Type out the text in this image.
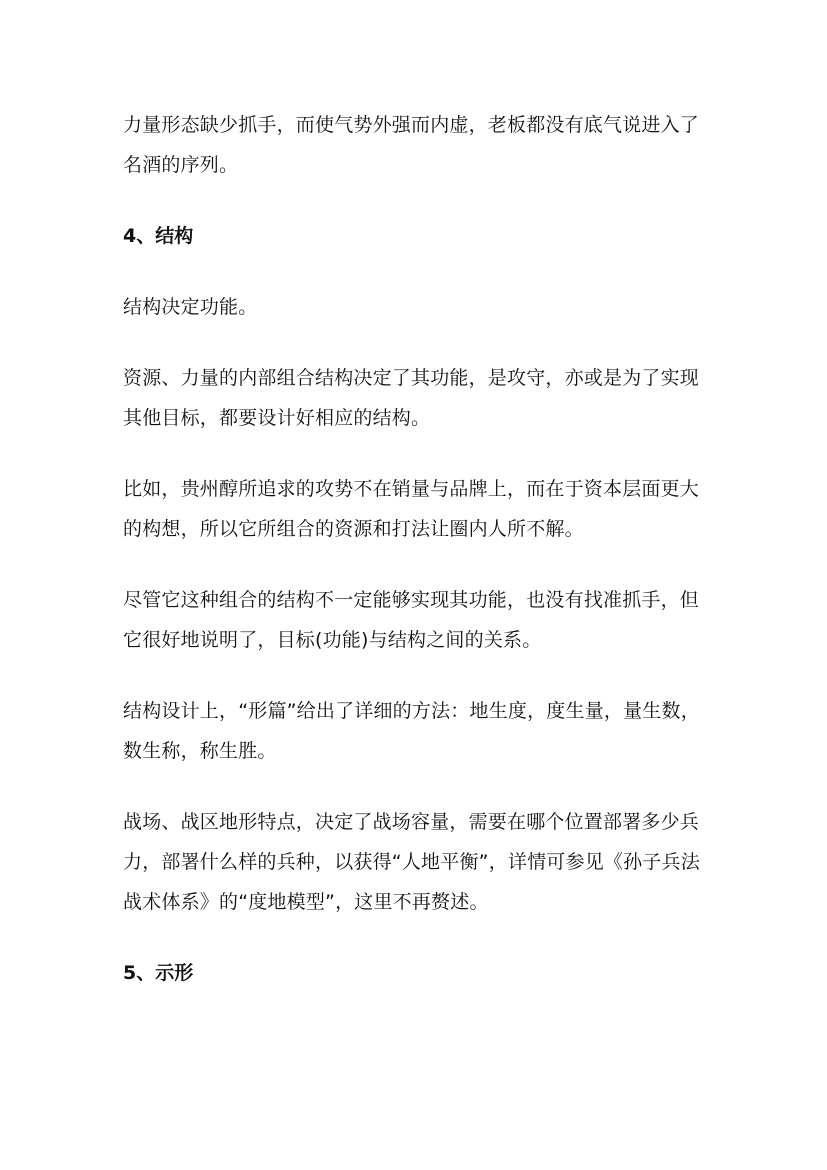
力量形态缺少抓手，而使气势外强而内虚，老板都没有底气说进入了名酒的序列。

4、结构

结构决定功能。

资源、力量的内部组合结构决定了其功能，是攻守，亦或是为了实现其他目标，都要设计好相应的结构。

比如，贵州醇所追求的攻势不在销量与品牌上，而在于资本层面更大的构想，所以它所组合的资源和打法让圈内人所不解。

尽管它这种组合的结构不一定能够实现其功能，也没有找准抓手，但它很好地说明了，目标(功能)与结构之间的关系。

结构设计上，“形篇”给出了详细的方法：地生度，度生量，量生数，数生称，称生胜。

战场、战区地形特点，决定了战场容量，需要在哪个位置部署多少兵力，部署什么样的兵种，以获得“人地平衡”，详情可参见《孙子兵法战术体系》的“度地模型”，这里不再赘述。

5、示形
